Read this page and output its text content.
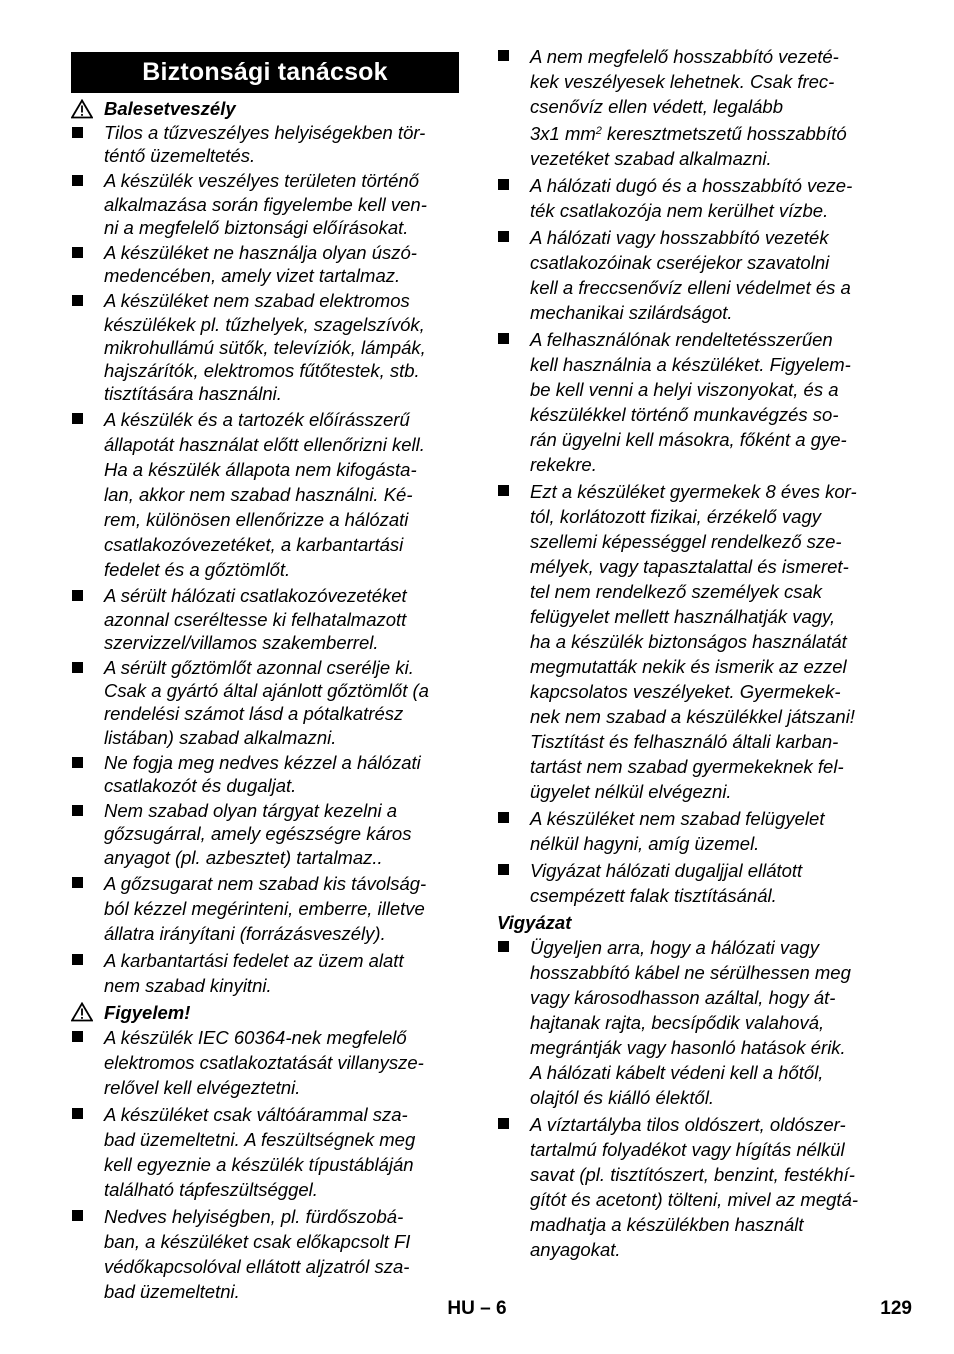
Biztonsági tanácsok
Balesetveszély
Tilos a tűzveszélyes helyiségekben tör-
téntő üzemeltetés.
A készülék veszélyes területen történő
alkalmazása során figyelembe kell ven-
ni a megfelelő biztonsági előírásokat.
A készüléket ne használja olyan úszó-
medencében, amely vizet tartalmaz.
A készüléket nem szabad elektromos
készülékek pl. tűzhelyek, szagelszívók,
mikrohullámú sütők, televíziók, lámpák,
hajszárítók, elektromos fűtőtestek, stb.
tisztítására használni.
A készülék és a tartozék előírásszerű
állapotát használat előtt ellenőrizni kell.
Ha a készülék állapota nem kifogásta-
lan, akkor nem szabad használni. Ké-
rem, különösen ellenőrizze a hálózati
csatlakozóvezetéket, a karbantartási
fedelet és a gőztömlőt.
A sérült hálózati csatlakozóvezetéket
azonnal cseréltesse ki felhatalmazott
szervizzel/villamos szakemberrel.
A sérült gőztömlőt azonnal cserélje ki.
Csak a gyártó által ajánlott gőztömlőt (a
rendelési számot lásd a pótalkatrész
listában) szabad alkalmazni.
Ne fogja meg nedves kézzel a hálózati
csatlakozót és dugaljat.
Nem szabad olyan tárgyat kezelni a
gőzsugárral, amely egészségre káros
anyagot (pl. azbesztet) tartalmaz..
A gőzsugarat nem szabad kis távolság-
ból kézzel megérinteni, emberre, illetve
állatra irányítani (forrázásveszély).
A karbantartási fedelet az üzem alatt
nem szabad kinyitni.
Figyelem!
A készülék IEC 60364-nek megfelelő
elektromos csatlakoztatását villanysze-
relővel kell elvégeztetni.
A készüléket csak váltóárammal sza-
bad üzemeltetni. A feszültségnek meg
kell egyeznie a készülék típustábláján
található tápfeszültséggel.
Nedves helyiségben, pl. fürdőszobá-
ban, a készüléket csak előkapcsolt FI
védőkapcsolóval ellátott aljzatról sza-
bad üzemeltetni.
A nem megfelelő hosszabbító vezeté-
kek veszélyesek lehetnek. Csak frec-
csenővíz ellen védett, legalább
3x1 $mm^2$ keresztmetszetű hosszabbító
vezetéket szabad alkalmazni.
A hálózati dugó és a hosszabbító veze-
ték csatlakozója nem kerülhet vízbe.
A hálózati vagy hosszabbító vezeték
csatlakozóinak cseréjekor szavatolni
kell a freccsenővíz elleni védelmet és a
mechanikai szilárdságot.
A felhasználónak rendeltetésszerűen
kell használnia a készüléket. Figyelem-
be kell venni a helyi viszonyokat, és a
készülékkel történő munkavégzés so-
rán ügyelni kell másokra, főként a gye-
rekekre.
Ezt a készüléket gyermekek 8 éves kor-
tól, korlátozott fizikai, érzékelő vagy
szellemi képességgel rendelkező sze-
mélyek, vagy tapasztalattal és ismeret-
tel nem rendelkező személyek csak
felügyelet mellett használhatják vagy,
ha a készülék biztonságos használatát
megmutatták nekik és ismerik az ezzel
kapcsolatos veszélyeket. Gyermekek-
nek nem szabad a készülékkel játszani!
Tisztítást és felhasználó általi karban-
tartást nem szabad gyermekeknek fel-
ügyelet nélkül elvégezni.
A készüléket nem szabad felügyelet
nélkül hagyni, amíg üzemel.
Vigyázat hálózati dugaljjal ellátott
csempézett falak tisztításánál.
Vigyázat
Ügyeljen arra, hogy a hálózati vagy
hosszabbító kábel ne sérülhessen meg
vagy károsodhasson azáltal, hogy át-
hajtanak rajta, becsípődik valahová,
megrántják vagy hasonló hatások érik.
A hálózati kábelt védeni kell a hőtől,
olajtól és kiálló élektől.
A víztartályba tilos oldószert, oldószer-
tartalmú folyadékot vagy hígítás nélkül
savat (pl. tisztítószert, benzint, festékhí-
gítót és acetont) tölteni, mivel az megtá-
madhatja a készülékben használt
anyagokat.
HU – 6	129
